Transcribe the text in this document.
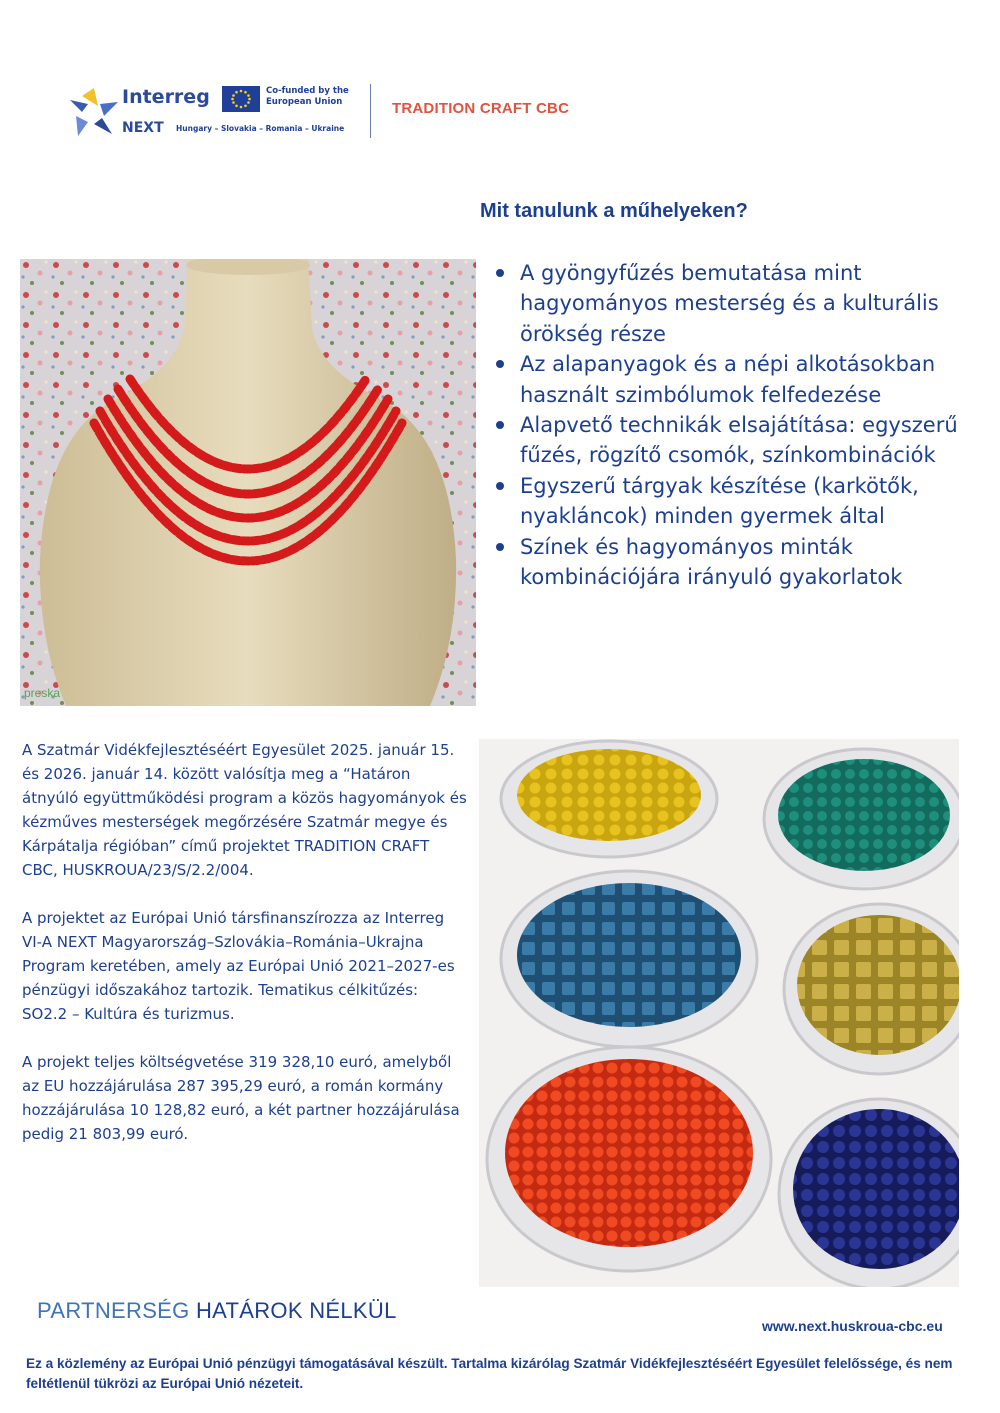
Interreg	Co-funded by the European Union
NEXT Hungary – Slovakia – Romania – Ukraine
TRADITION CRAFT CBC
Mit tanulunk a műhelyeken?
A gyöngyfűzés bemutatása mint hagyományos mesterség és a kulturális örökség része
Az alapanyagok és a népi alkotásokban használt szimbólumok felfedezése
Alapvető technikák elsajátítása: egyszerű fűzés, rögzítő csomók, színkombinációk
Egyszerű tárgyak készítése (karkötők, nyakláncok) minden gyermek által
Színek és hagyományos minták kombinációjára irányuló gyakorlatok
preska

A Szatmár Vidékfejlesztéséért Egyesület 2025. január 15. és 2026. január 14. között valósítja meg a “Határon átnyúló együttműködési program a közös hagyományok és kézműves mesterségek megőrzésére Szatmár megye és Kárpátalja régióban” című projektet TRADITION CRAFT CBC, HUSKROUA/23/S/2.2/004.

A projektet az Európai Unió társfinanszírozza az Interreg VI-A NEXT Magyarország–Szlovákia–Románia–Ukrajna Program keretében, amely az Európai Unió 2021–2027-es pénzügyi időszakához tartozik. Tematikus célkitűzés: SO2.2 – Kultúra és turizmus.

A projekt teljes költségvetése 319 328,10 euró, amelyből az EU hozzájárulása 287 395,29 euró, a román kormány hozzájárulása 10 128,82 euró, a két partner hozzájárulása pedig 21 803,99 euró.

PARTNERSÉG HATÁROK NÉLKÜL
www.next.huskroua-cbc.eu
Ez a közlemény az Európai Unió pénzügyi támogatásával készült. Tartalma kizárólag Szatmár Vidékfejlesztéséért Egyesület felelőssége, és nem feltétlenül tükrözi az Európai Unió nézeteit.
